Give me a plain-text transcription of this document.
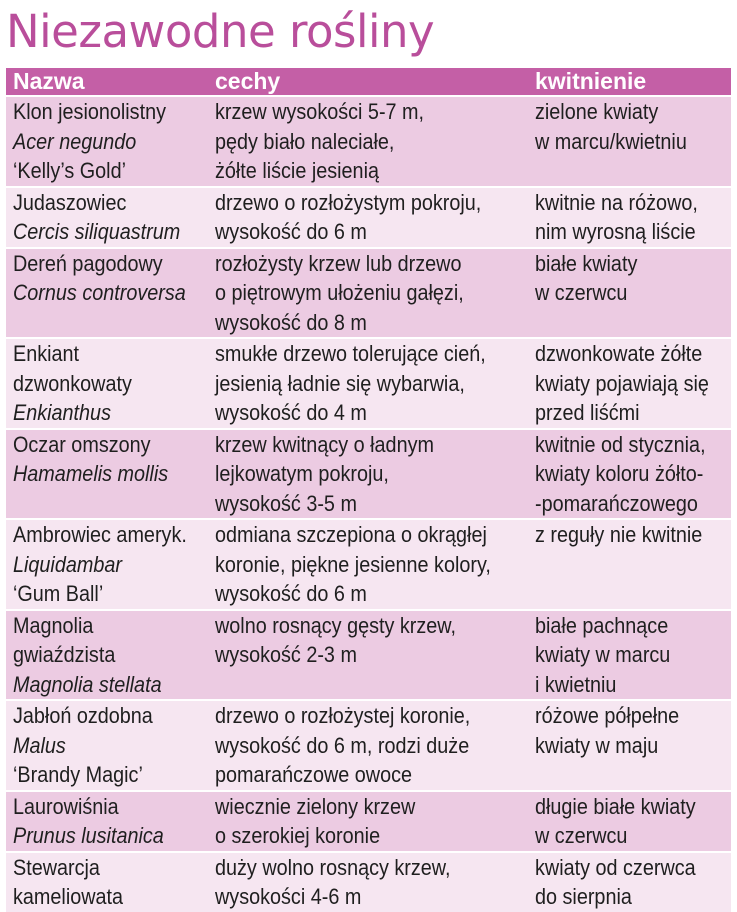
Niezawodne rośliny
Nazwa	cechy	kwitnienie
Klon jesionolistny
Acer negundo
‘Kelly’s Gold’
krzew wysokości 5-7 m,
pędy biało naleciałe,
żółte liście jesienią
zielone kwiaty
w marcu/kwietniu
Judaszowiec
Cercis siliquastrum
drzewo o rozłożystym pokroju,
wysokość do 6 m
kwitnie na różowo,
nim wyrosną liście
Dereń pagodowy
Cornus controversa
rozłożysty krzew lub drzewo
o piętrowym ułożeniu gałęzi,
wysokość do 8 m
białe kwiaty
w czerwcu
Enkiant
dzwonkowaty
Enkianthus
smukłe drzewo tolerujące cień,
jesienią ładnie się wybarwia,
wysokość do 4 m
dzwonkowate żółte
kwiaty pojawiają się
przed liśćmi
Oczar omszony
Hamamelis mollis
krzew kwitnący o ładnym
lejkowatym pokroju,
wysokość 3-5 m
kwitnie od stycznia,
kwiaty koloru żółto-
-pomarańczowego
Ambrowiec ameryk.
Liquidambar
‘Gum Ball’
odmiana szczepiona o okrągłej
koronie, piękne jesienne kolory,
wysokość do 6 m
z reguły nie kwitnie
Magnolia
gwiaździsta
Magnolia stellata
wolno rosnący gęsty krzew,
wysokość 2-3 m
białe pachnące
kwiaty w marcu
i kwietniu
Jabłoń ozdobna
Malus
‘Brandy Magic’
drzewo o rozłożystej koronie,
wysokość do 6 m, rodzi duże
pomarańczowe owoce
różowe półpełne
kwiaty w maju
Laurowiśnia
Prunus lusitanica
wiecznie zielony krzew
o szerokiej koronie
długie białe kwiaty
w czerwcu
Stewarcja
kameliowata
duży wolno rosnący krzew,
wysokości 4-6 m
kwiaty od czerwca
do sierpnia
